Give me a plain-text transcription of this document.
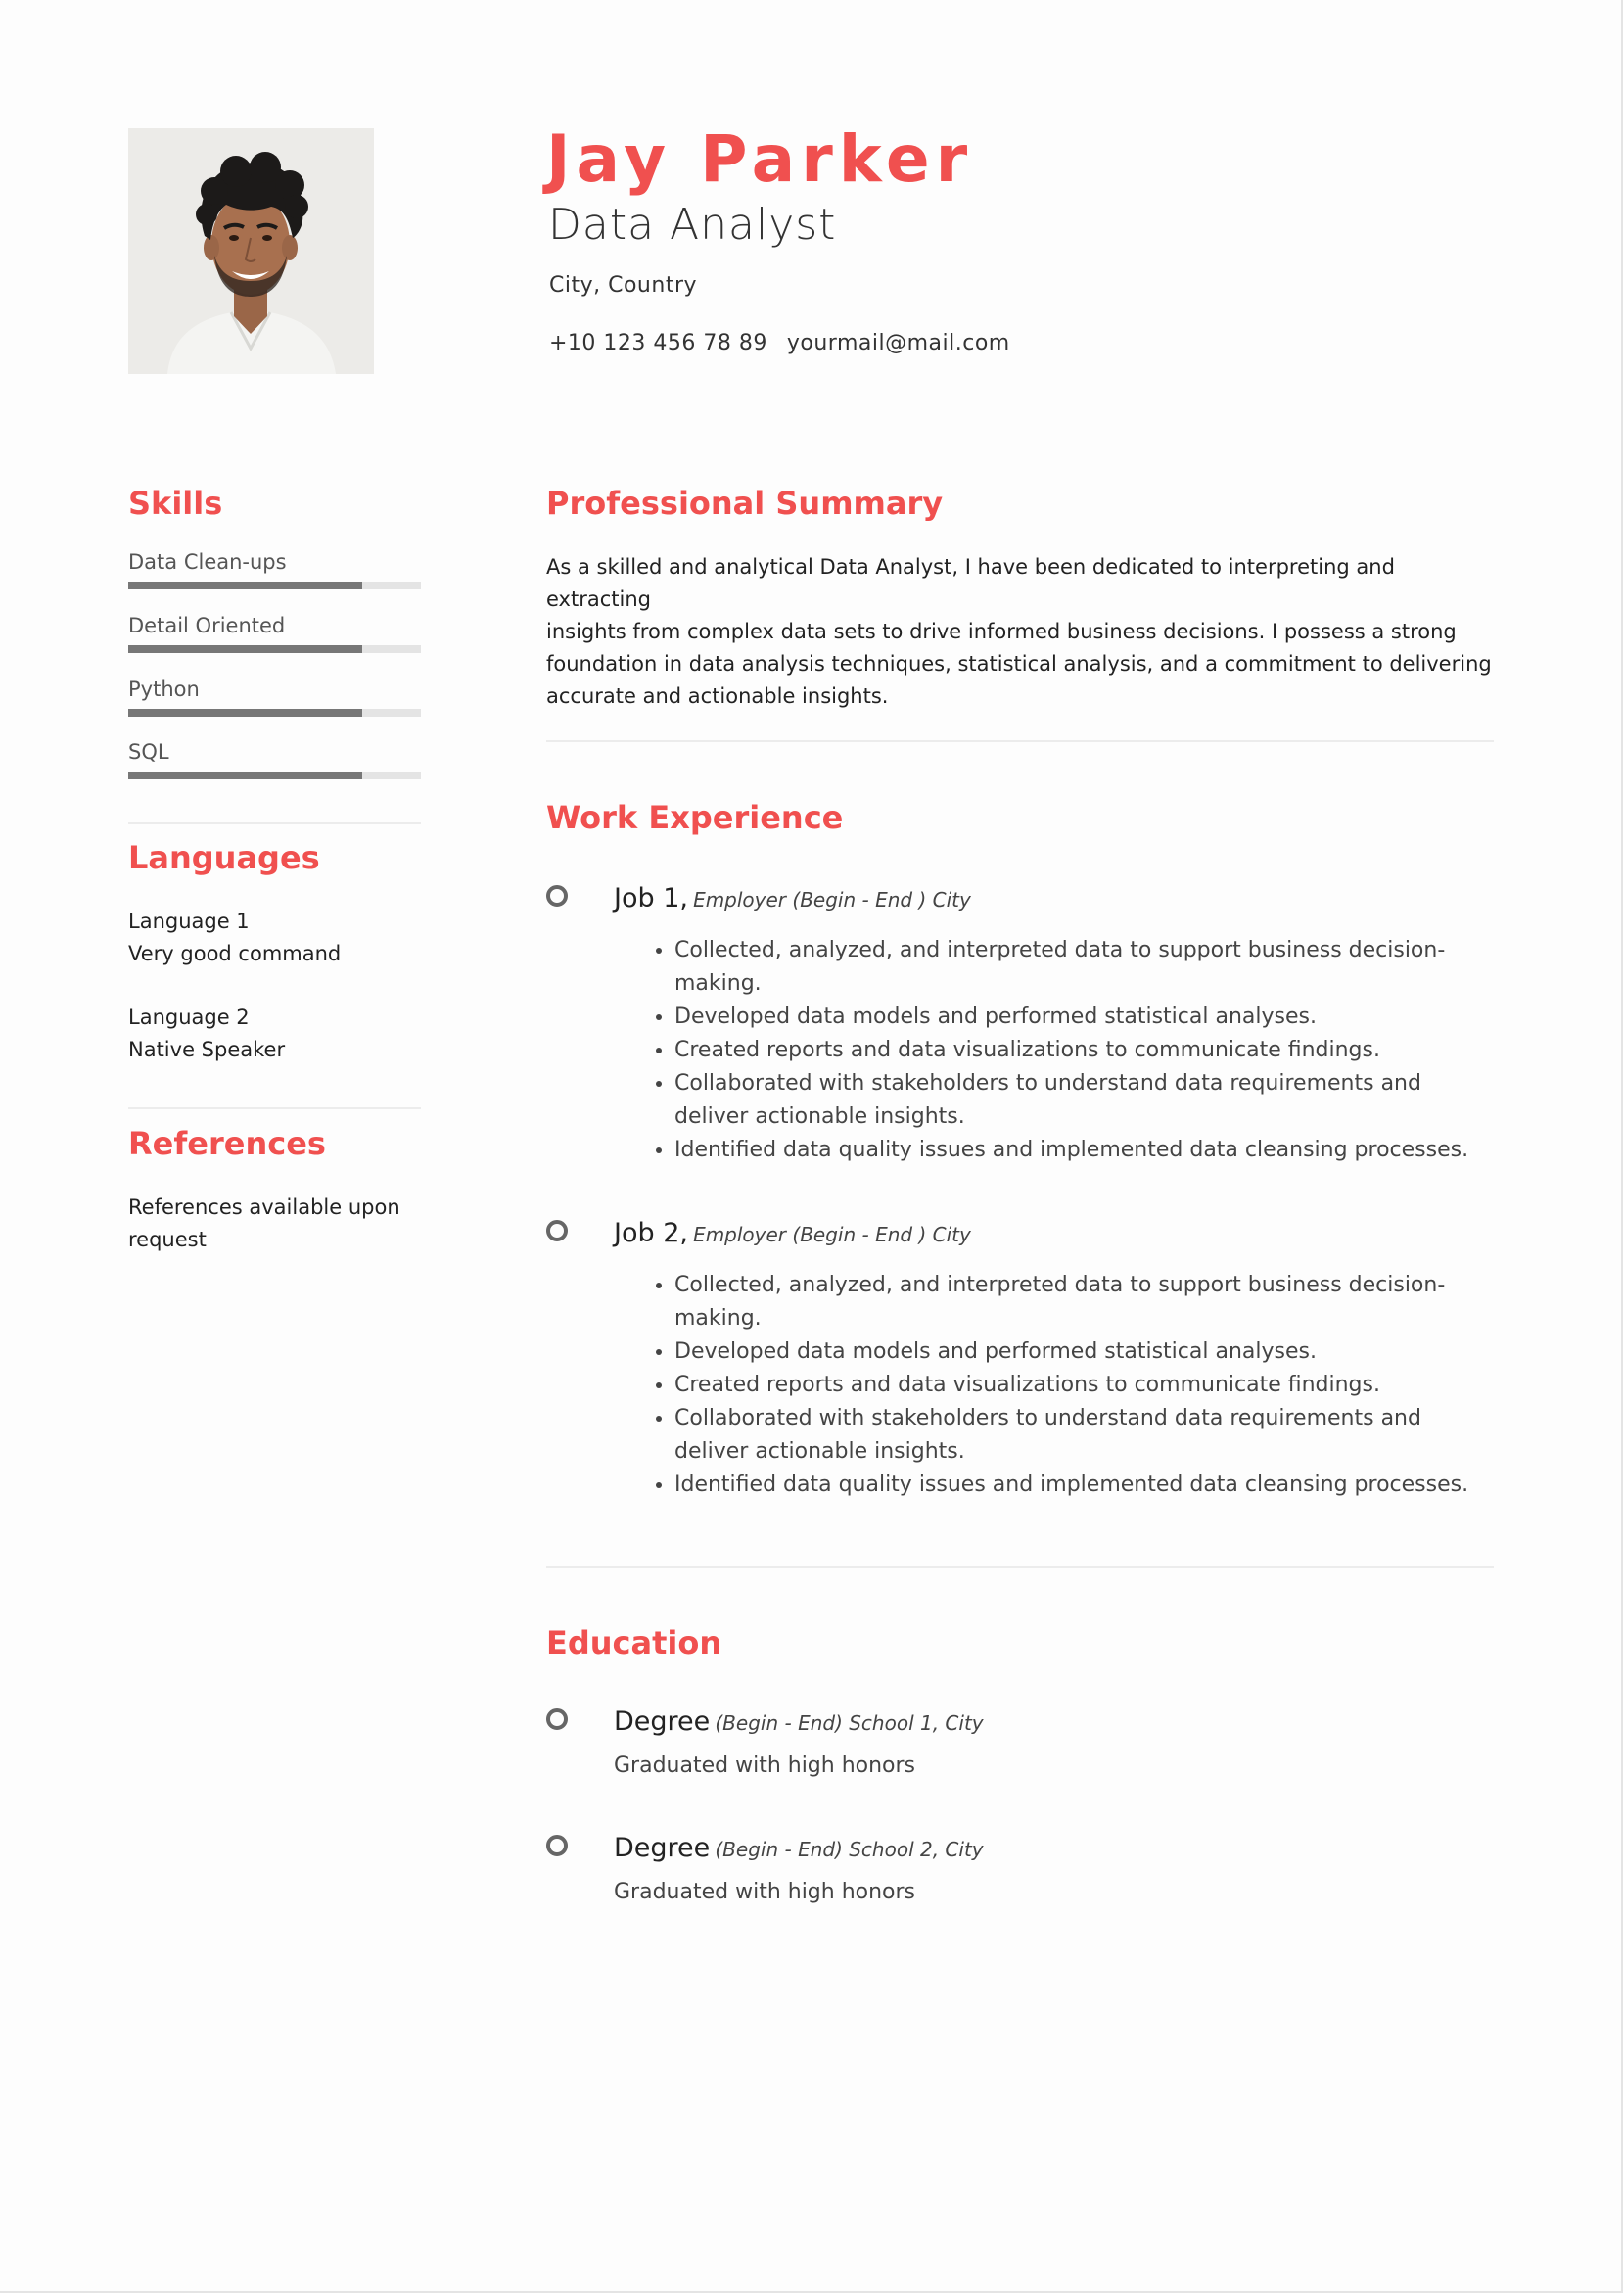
Jay Parker
Data Analyst
City, Country
+10 123 456 78 89 yourmail@mail.com
Skills
Data Clean-ups
Detail Oriented
Python
SQL
Languages
Language 1
Very good command
Language 2
Native Speaker
References
References available upon
request
Professional Summary
As a skilled and analytical Data Analyst, I have been dedicated to interpreting and extracting
insights from complex data sets to drive informed business decisions. I possess a strong
foundation in data analysis techniques, statistical analysis, and a commitment to delivering
accurate and actionable insights.
Work Experience
Job 1, Employer (Begin - End ) City
• Collected, analyzed, and interpreted data to support business decision-making.
• Developed data models and performed statistical analyses.
• Created reports and data visualizations to communicate findings.
• Collaborated with stakeholders to understand data requirements and deliver actionable insights.
• Identified data quality issues and implemented data cleansing processes.
Job 2, Employer (Begin - End ) City
• Collected, analyzed, and interpreted data to support business decision-making.
• Developed data models and performed statistical analyses.
• Created reports and data visualizations to communicate findings.
• Collaborated with stakeholders to understand data requirements and deliver actionable insights.
• Identified data quality issues and implemented data cleansing processes.
Education
Degree (Begin - End) School 1, City
Graduated with high honors
Degree (Begin - End) School 2, City
Graduated with high honors
